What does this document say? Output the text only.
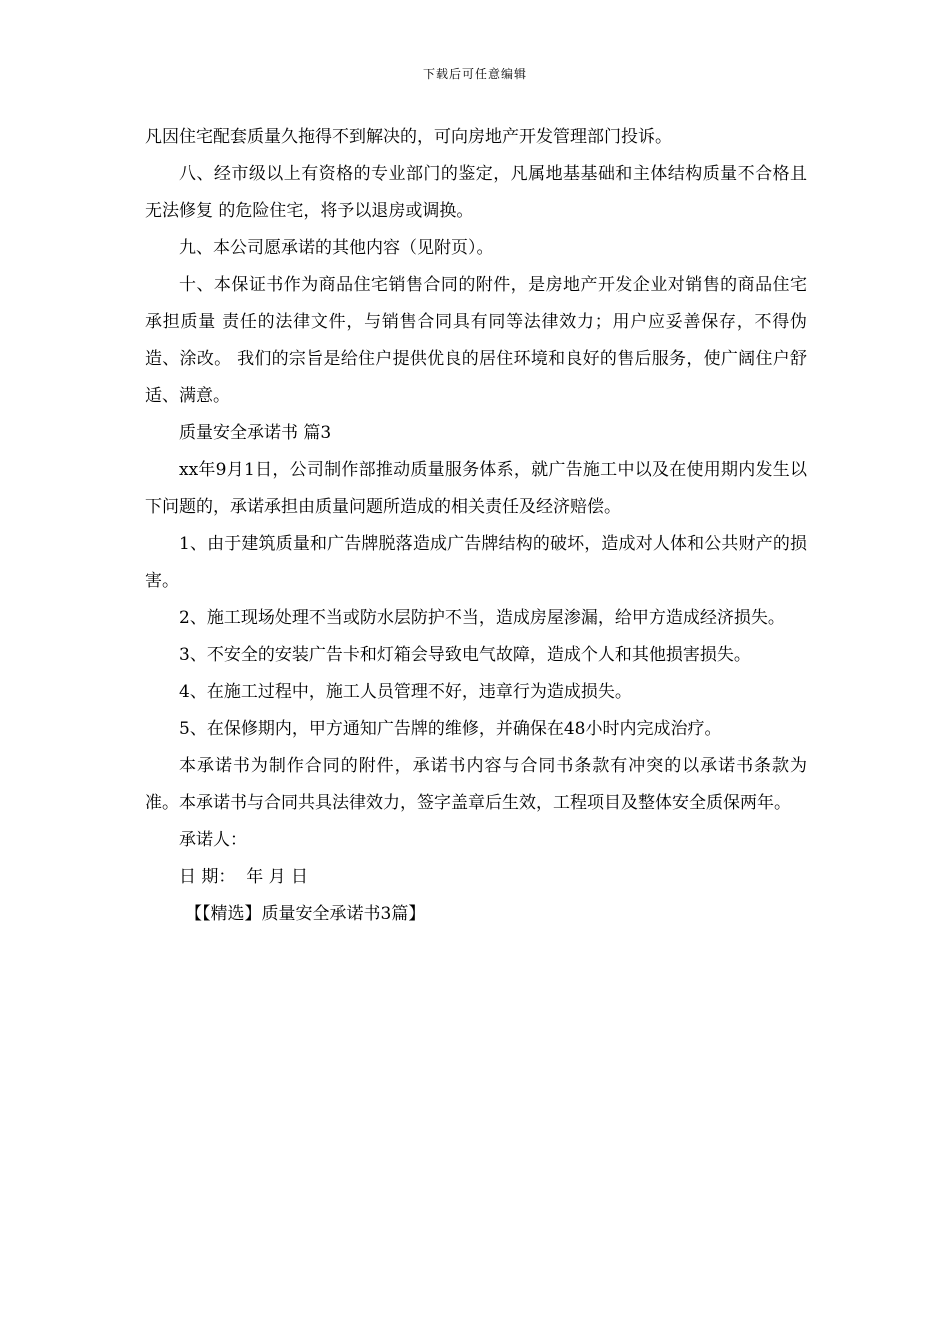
下载后可任意编辑

凡因住宅配套质量久拖得不到解决的，可向房地产开发管理部门投诉。

八、经市级以上有资格的专业部门的鉴定，凡属地基基础和主体结构质量不合格且无法修复 的危险住宅，将予以退房或调换。

九、本公司愿承诺的其他内容（见附页）。

十、本保证书作为商品住宅销售合同的附件，是房地产开发企业对销售的商品住宅承担质量 责任的法律文件，与销售合同具有同等法律效力；用户应妥善保存，不得伪造、涂改。 我们的宗旨是给住户提供优良的居住环境和良好的售后服务，使广阔住户舒适、满意。

质量安全承诺书 篇3

xx年9月1日，公司制作部推动质量服务体系，就广告施工中以及在使用期内发生以下问题的，承诺承担由质量问题所造成的相关责任及经济赔偿。

1、由于建筑质量和广告牌脱落造成广告牌结构的破坏，造成对人体和公共财产的损害。

2、施工现场处理不当或防水层防护不当，造成房屋渗漏，给甲方造成经济损失。

3、不安全的安装广告卡和灯箱会导致电气故障，造成个人和其他损害损失。

4、在施工过程中，施工人员管理不好，违章行为造成损失。

5、在保修期内，甲方通知广告牌的维修，并确保在48小时内完成治疗。

本承诺书为制作合同的附件，承诺书内容与合同书条款有冲突的以承诺书条款为准。本承诺书与合同共具法律效力，签字盖章后生效，工程项目及整体安全质保两年。

承诺人：

日 期：  年 月 日

【【精选】质量安全承诺书3篇】
